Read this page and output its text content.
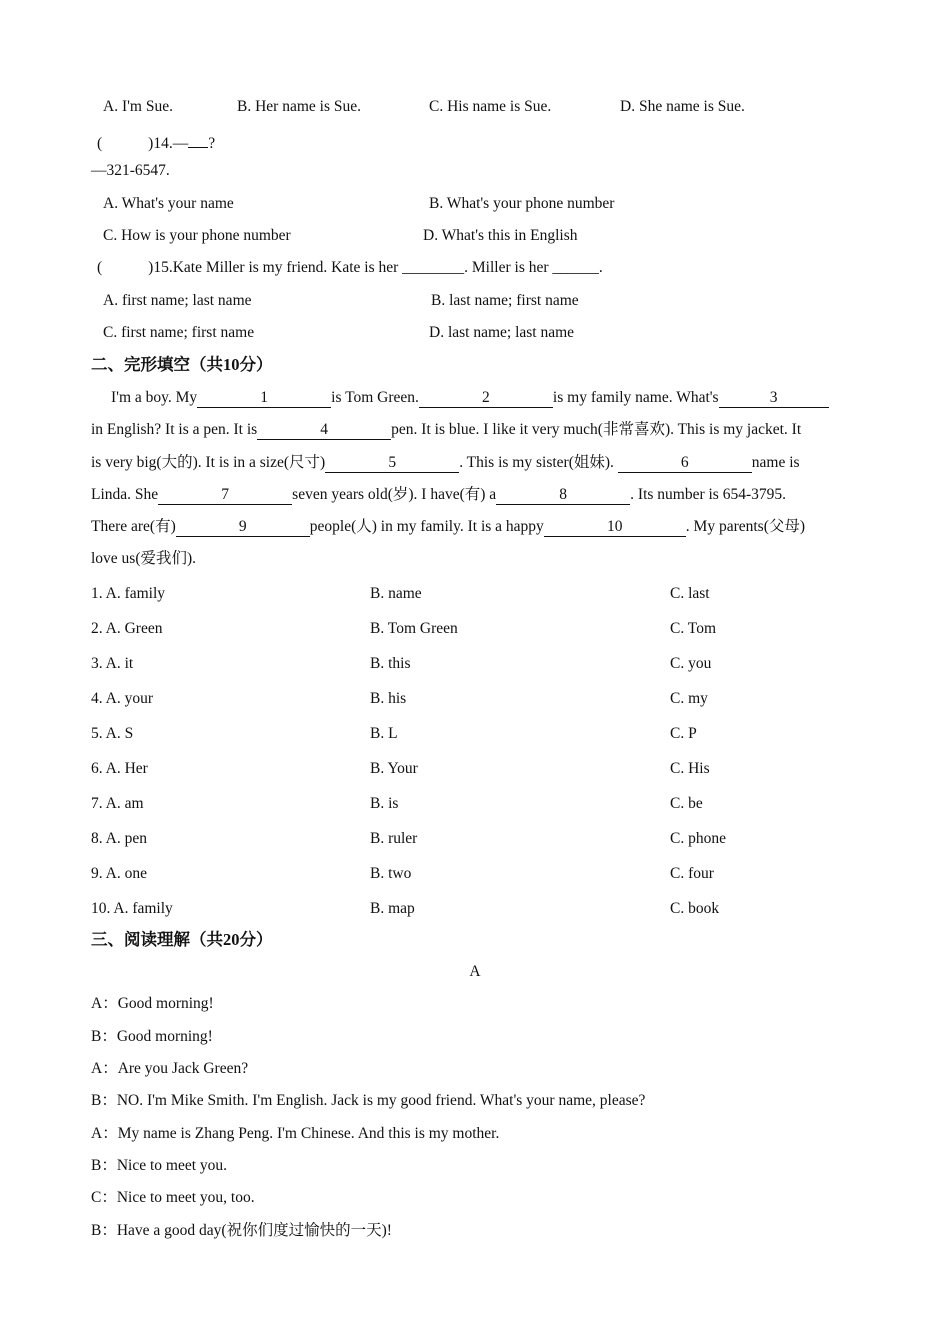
A. I'm Sue.	B. Her name is Sue.	C. His name is Sue.	D. She name is Sue.
(	)14.— ?
—321-6547.
A. What's your name	B. What's your phone number
C. How is your phone number	D. What's this in English
(	)15.Kate Miller is my friend. Kate is her ________. Miller is her ______.
A. first name; last name	B. last name; first name
C. first name; first name	D. last name; last name
二、完形填空（共10分）
I'm a boy. My	1	is Tom Green.	2	is my family name. What's	3
in English? It is a pen. It is	4	pen. It is blue. I like it very much(非常喜欢). This is my jacket. It
is very big(大的). It is in a size(尺寸)	5	. This is my sister(姐妹).	6	name is
Linda. She	7	seven years old(岁). I have(有) a	8	. Its number is 654-3795.
There are(有)	9	people(人) in my family. It is a happy	10	. My parents(父母)
love us(爱我们).
1. A. family	B. name	C. last
2. A. Green	B. Tom Green	C. Tom
3. A. it	B. this	C. you
4. A. your	B. his	C. my
5. A. S	B. L	C. P
6. A. Her	B. Your	C. His
7. A. am	B. is	C. be
8. A. pen	B. ruler	C. phone
9. A. one	B. two	C. four
10. A. family	B. map	C. book
三、阅读理解（共20分）
A
A：Good morning!
B：Good morning!
A：Are you Jack Green?
B：NO. I'm Mike Smith. I'm English. Jack is my good friend. What's your name, please?
A：My name is Zhang Peng. I'm Chinese. And this is my mother.
B：Nice to meet you.
C：Nice to meet you, too.
B：Have a good day(祝你们度过愉快的一天)!
